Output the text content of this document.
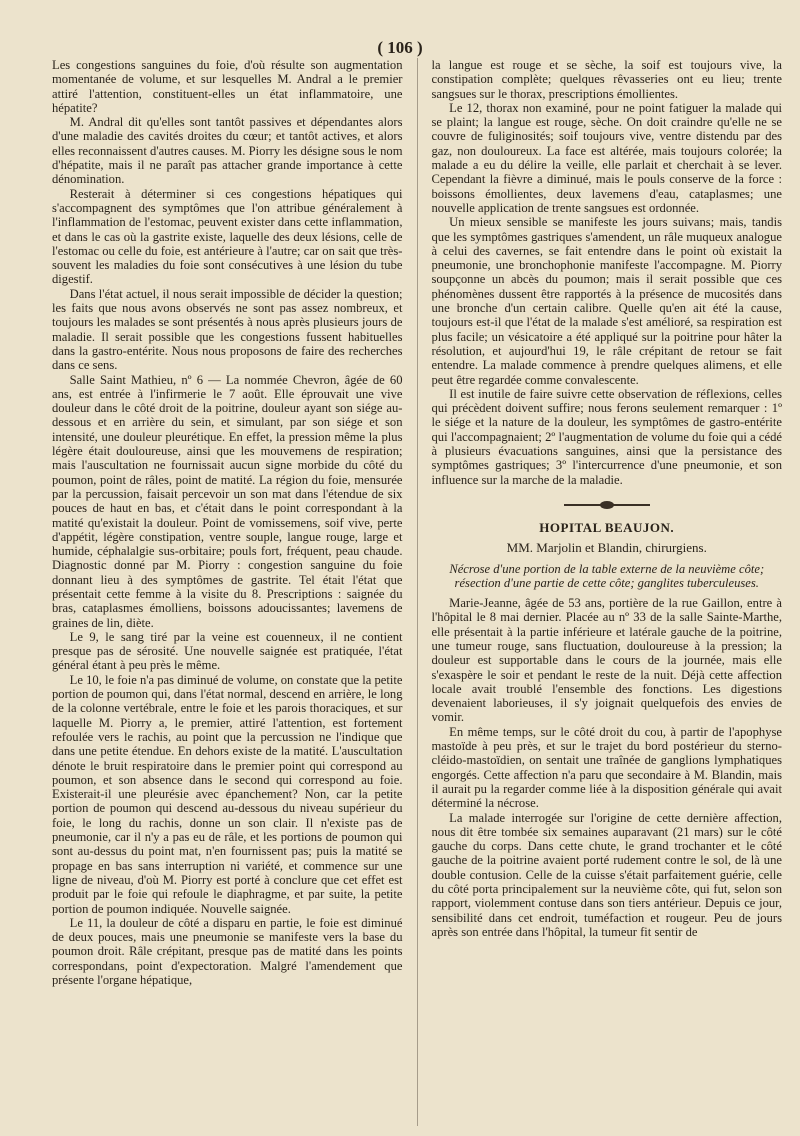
( 106 )

Les congestions sanguines du foie, d'où résulte son augmentation momentanée de volume, et sur lesquelles M. Andral a le premier attiré l'attention, constituent-elles un état inflammatoire, une hépatite?

M. Andral dit qu'elles sont tantôt passives et dépendantes alors d'une maladie des cavités droites du cœur; et tantôt actives, et alors elles reconnaissent d'autres causes. M. Piorry les désigne sous le nom d'hépatite, mais il ne paraît pas attacher grande importance à cette dénomination.

Resterait à déterminer si ces congestions hépatiques qui s'accompagnent des symptômes que l'on attribue généralement à l'inflammation de l'estomac, peuvent exister dans cette inflammation, et dans le cas où la gastrite existe, laquelle des deux lésions, celle de l'estomac ou celle du foie, est antérieure à l'autre; car on sait que très-souvent les maladies du foie sont consécutives à une lésion du tube digestif.

Dans l'état actuel, il nous serait impossible de décider la question; les faits que nous avons observés ne sont pas assez nombreux, et toujours les malades se sont présentés à nous après plusieurs jours de maladie. Il serait possible que les congestions fussent habituelles dans la gastro-entérite. Nous nous proposons de faire des recherches dans ce sens.

Salle Saint Mathieu, nº 6 — La nommée Chevron, âgée de 60 ans, est entrée à l'infirmerie le 7 août. Elle éprouvait une vive douleur dans le côté droit de la poitrine, douleur ayant son siége au-dessous et en arrière du sein, et simulant, par son siége et son intensité, une douleur pleurétique. En effet, la pression même la plus légère était douloureuse, ainsi que les mouvemens de respiration; mais l'auscultation ne fournissait aucun signe morbide du côté du poumon, point de râles, point de matité. La région du foie, mensurée par la percussion, faisait percevoir un son mat dans l'étendue de six pouces de haut en bas, et c'était dans le point correspondant à la matité qu'existait la douleur. Point de vomissemens, soif vive, perte d'appétit, légère constipation, ventre souple, langue rouge, large et humide, céphalalgie sus-orbitaire; pouls fort, fréquent, peau chaude. Diagnostic donné par M. Piorry : congestion sanguine du foie donnant lieu à des symptômes de gastrite. Tel était l'état que présentait cette femme à la visite du 8. Prescriptions : saignée du bras, cataplasmes émolliens, boissons adoucissantes; lavemens de graines de lin, diète.

Le 9, le sang tiré par la veine est couenneux, il ne contient presque pas de sérosité. Une nouvelle saignée est pratiquée, l'état général étant à peu près le même.

Le 10, le foie n'a pas diminué de volume, on constate que la petite portion de poumon qui, dans l'état normal, descend en arrière, le long de la colonne vertébrale, entre le foie et les parois thoraciques, et sur laquelle M. Piorry a, le premier, attiré l'attention, est fortement refoulée vers le rachis, au point que la percussion ne l'indique que dans une petite étendue. En dehors existe de la matité. L'auscultation dénote le bruit respiratoire dans le premier point qui correspond au poumon, et son absence dans le second qui correspond au foie. Existerait-il une pleurésie avec épanchement? Non, car la petite portion de poumon qui descend au-dessous du niveau supérieur du foie, le long du rachis, donne un son clair. Il n'existe pas de pneumonie, car il n'y a pas eu de râle, et les portions de poumon qui sont au-dessus du point mat, n'en fournissent pas; puis la matité se propage en bas sans interruption ni variété, et commence sur une ligne de niveau, d'où M. Piorry est porté à conclure que cet effet est produit par le foie qui refoule le diaphragme, et par suite, la petite portion de poumon indiquée. Nouvelle saignée.

Le 11, la douleur de côté a disparu en partie, le foie est diminué de deux pouces, mais une pneumonie se manifeste vers la base du poumon droit. Râle crépitant, presque pas de matité dans les points correspondans, point d'expectoration. Malgré l'amendement que présente l'organe hépatique,

la langue est rouge et se sèche, la soif est toujours vive, la constipation complète; quelques rêvasseries ont eu lieu; trente sangsues sur le thorax, prescriptions émollientes.

Le 12, thorax non examiné, pour ne point fatiguer la malade qui se plaint; la langue est rouge, sèche. On doit craindre qu'elle ne se couvre de fuliginosités; soif toujours vive, ventre distendu par des gaz, non douloureux. La face est altérée, mais toujours colorée; la malade a eu du délire la veille, elle parlait et cherchait à se lever. Cependant la fièvre a diminué, mais le pouls conserve de la force : boissons émollientes, deux lavemens d'eau, cataplasmes; une nouvelle application de trente sangsues est ordonnée.

Un mieux sensible se manifeste les jours suivans; mais, tandis que les symptômes gastriques s'amendent, un râle muqueux analogue à celui des cavernes, se fait entendre dans le point où existait la pneumonie, une bronchophonie manifeste l'accompagne. M. Piorry soupçonne un abcès du poumon; mais il serait possible que ces phénomènes dussent être rapportés à la présence de mucosités dans une bronche d'un certain calibre. Quelle qu'en ait été la cause, toujours est-il que l'état de la malade s'est amélioré, sa respiration est plus facile; un vésicatoire a été appliqué sur la poitrine pour hâter la résolution, et aujourd'hui 19, le râle crépitant de retour se fait entendre. La malade commence à prendre quelques alimens, et elle peut être regardée comme convalescente.

Il est inutile de faire suivre cette observation de réflexions, celles qui précèdent doivent suffire; nous ferons seulement remarquer : 1º le siége et la nature de la douleur, les symptômes de gastro-entérite qui l'accompagnaient; 2º l'augmentation de volume du foie qui a cédé à plusieurs évacuations sanguines, ainsi que la persistance des symptômes gastriques; 3º l'intercurrence d'une pneumonie, et son influence sur la marche de la maladie.

HOPITAL BEAUJON.
MM. Marjolin et Blandin, chirurgiens.
Nécrose d'une portion de la table externe de la neuvième côte; résection d'une partie de cette côte; ganglites tuberculeuses.

Marie-Jeanne, âgée de 53 ans, portière de la rue Gaillon, entre à l'hôpital le 8 mai dernier. Placée au nº 33 de la salle Sainte-Marthe, elle présentait à la partie inférieure et latérale gauche de la poitrine, une tumeur rouge, sans fluctuation, douloureuse à la pression; la douleur est supportable dans le cours de la journée, mais elle s'exaspère le soir et pendant le reste de la nuit. Déjà cette affection locale avait troublé l'ensemble des fonctions. Les digestions devenaient laborieuses, il s'y joignait quelquefois des envies de vomir.

En même temps, sur le côté droit du cou, à partir de l'apophyse mastoïde à peu près, et sur le trajet du bord postérieur du sterno-cléido-mastoïdien, on sentait une traînée de ganglions lymphatiques engorgés. Cette affection n'a paru que secondaire à M. Blandin, mais il aurait pu la regarder comme liée à la disposition générale qui avait déterminé la nécrose.

La malade interrogée sur l'origine de cette dernière affection, nous dit être tombée six semaines auparavant (21 mars) sur le côté gauche du corps. Dans cette chute, le grand trochanter et le côté gauche de la poitrine avaient porté rudement contre le sol, de là une double contusion. Celle de la cuisse s'était parfaitement guérie, celle du côté porta principalement sur la neuvième côte, qui fut, selon son rapport, violemment contuse dans son tiers antérieur. Depuis ce jour, sensibilité dans cet endroit, tuméfaction et rougeur. Peu de jours après son entrée dans l'hôpital, la tumeur fit sentir de
